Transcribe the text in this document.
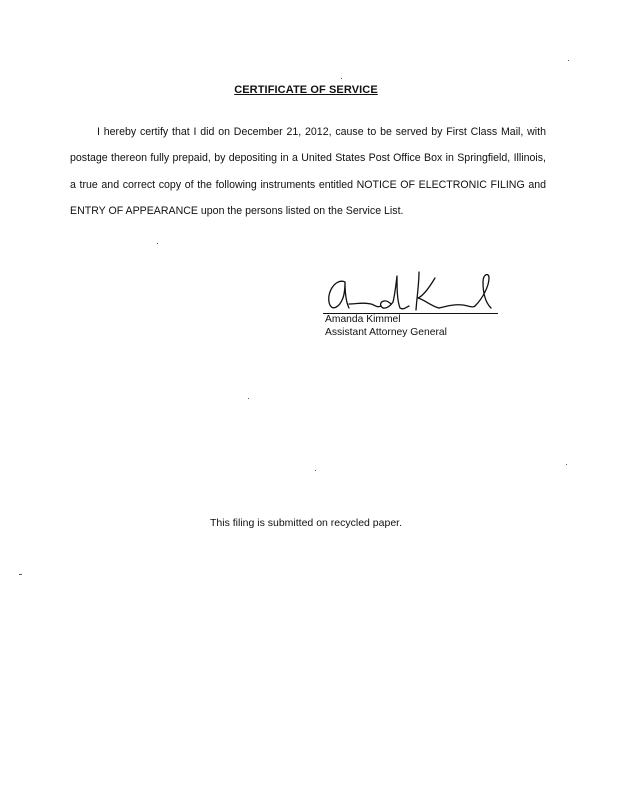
CERTIFICATE OF SERVICE

I hereby certify that I did on December 21, 2012, cause to be served by First Class Mail, with postage thereon fully prepaid, by depositing in a United States Post Office Box in Springfield, Illinois, a true and correct copy of the following instruments entitled NOTICE OF ELECTRONIC FILING and ENTRY OF APPEARANCE upon the persons listed on the Service List.

Amanda Kimmel
Assistant Attorney General
This filing is submitted on recycled paper.
